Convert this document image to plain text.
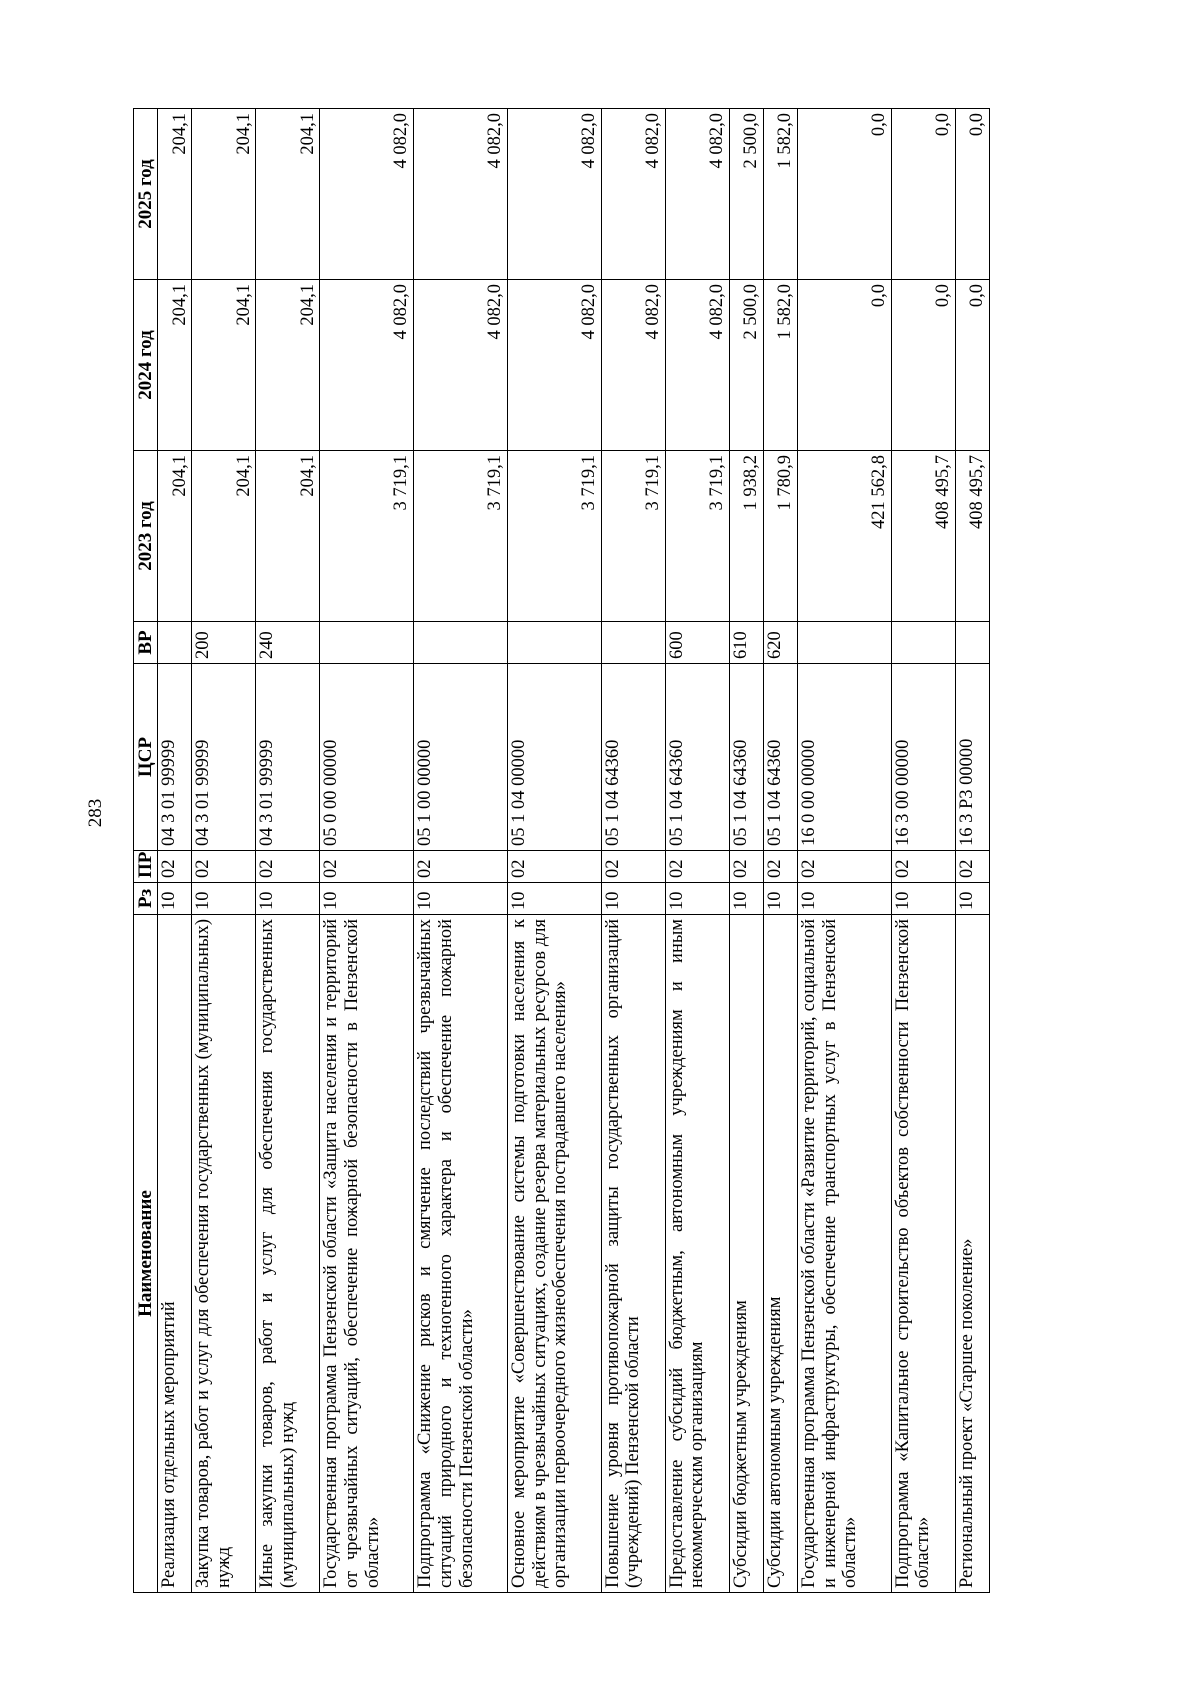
283
Наименование	Рз	ПР	ЦСР	ВР	2023 год	2024 год	2025 год
Реализация отдельных мероприятий	10	02	04 3 01 99999		204,1	204,1	204,1
Закупка товаров, работ и услуг для обеспечения государственных (муниципальных) нужд	10	02	04 3 01 99999	200	204,1	204,1	204,1
Иные закупки товаров, работ и услуг для обеспечения государственных (муниципальных) нужд	10	02	04 3 01 99999	240	204,1	204,1	204,1
Государственная программа Пензенской области «Защита населения и территорий от чрезвычайных ситуаций, обеспечение пожарной безопасности в Пензенской области»	10	02	05 0 00 00000		3 719,1	4 082,0	4 082,0
Подпрограмма «Снижение рисков и смягчение последствий чрезвычайных ситуаций природного и техногенного характера и обеспечение пожарной безопасности Пензенской области»	10	02	05 1 00 00000		3 719,1	4 082,0	4 082,0
Основное мероприятие «Совершенствование системы подготовки населения к действиям в чрезвычайных ситуациях, создание резерва материальных ресурсов для организации первоочередного жизнеобеспечения пострадавшего населения»	10	02	05 1 04 00000		3 719,1	4 082,0	4 082,0
Повышение уровня противопожарной защиты государственных организаций (учреждений) Пензенской области	10	02	05 1 04 64360		3 719,1	4 082,0	4 082,0
Предоставление субсидий бюджетным, автономным учреждениям и иным некоммерческим организациям	10	02	05 1 04 64360	600	3 719,1	4 082,0	4 082,0
Субсидии бюджетным учреждениям	10	02	05 1 04 64360	610	1 938,2	2 500,0	2 500,0
Субсидии автономным учреждениям	10	02	05 1 04 64360	620	1 780,9	1 582,0	1 582,0
Государственная программа Пензенской области «Развитие территорий, социальной и инженерной инфраструктуры, обеспечение транспортных услуг в Пензенской области»	10	02	16 0 00 00000		421 562,8	0,0	0,0
Подпрограмма «Капитальное строительство объектов собственности Пензенской области»	10	02	16 3 00 00000		408 495,7	0,0	0,0
Региональный проект «Старшее поколение»	10	02	16 3 P3 00000		408 495,7	0,0	0,0
